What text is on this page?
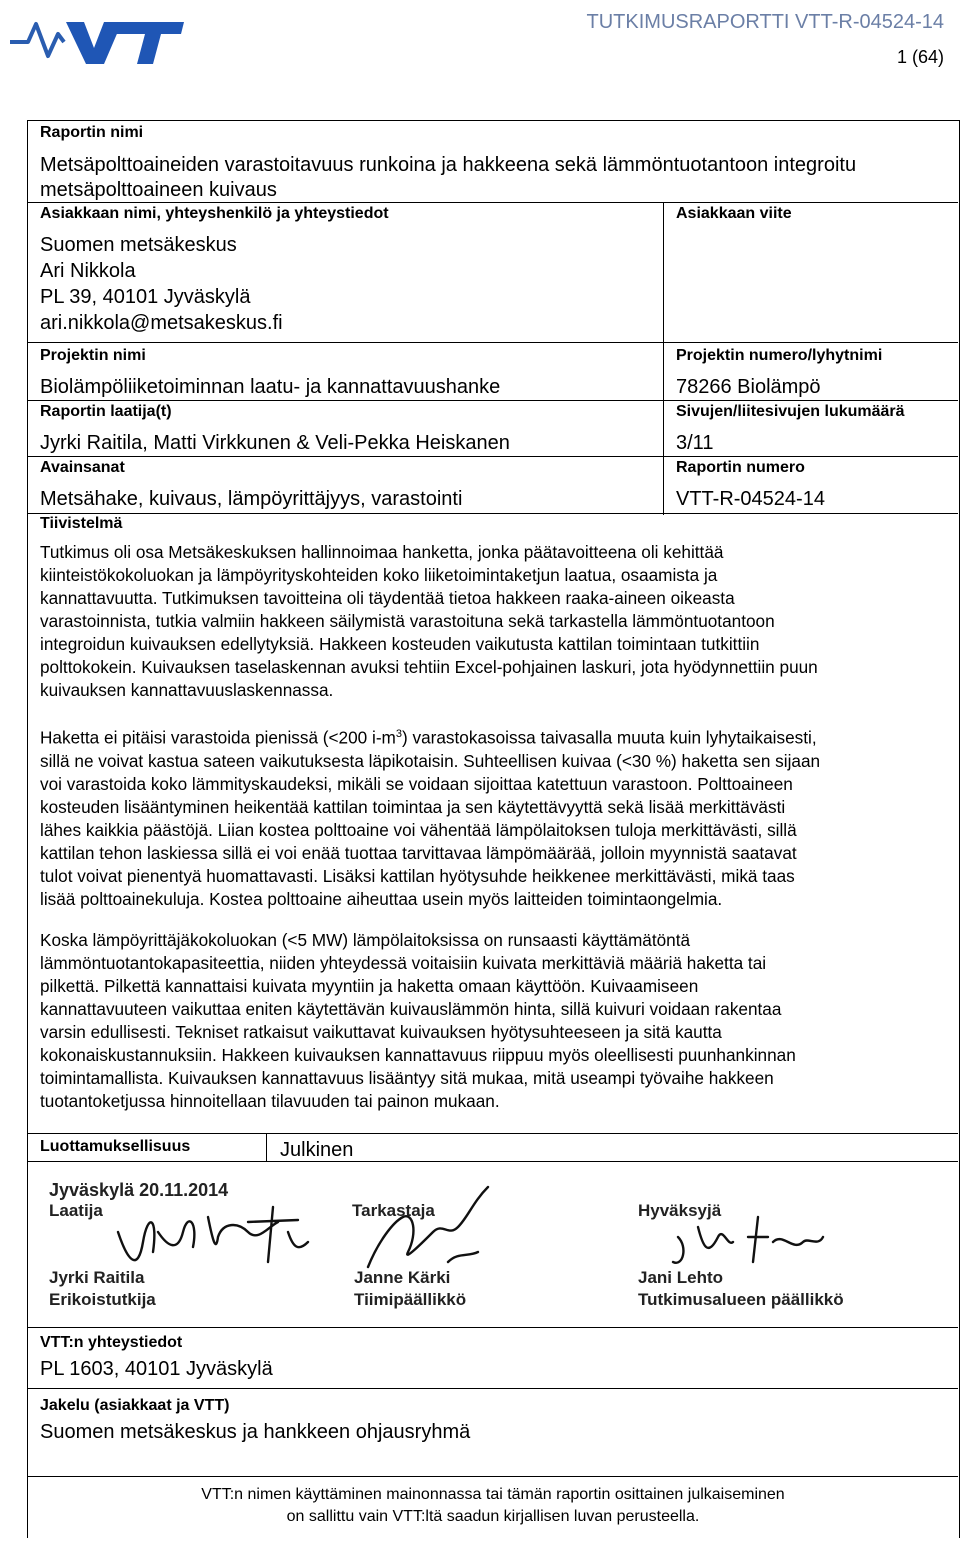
TUTKIMUSRAPORTTI VTT-R-04524-14
1 (64)
Raportin nimi
Metsäpolttoaineiden varastoitavuus runkoina ja hakkeena sekä lämmöntuotantoon integroitu
metsäpolttoaineen kuivaus
Asiakkaan nimi, yhteyshenkilö ja yhteystiedot
Suomen metsäkeskus
Ari Nikkola
PL 39, 40101 Jyväskylä
ari.nikkola@metsakeskus.fi
Asiakkaan viite
Projektin nimi
Biolämpöliiketoiminnan laatu- ja kannattavuushanke
Projektin numero/lyhytnimi
78266 Biolämpö
Raportin laatija(t)
Jyrki Raitila, Matti Virkkunen & Veli-Pekka Heiskanen
Sivujen/liitesivujen lukumäärä
3/11
Avainsanat
Metsähake, kuivaus, lämpöyrittäjyys, varastointi
Raportin numero
VTT-R-04524-14
Tiivistelmä
Tutkimus oli osa Metsäkeskuksen hallinnoimaa hanketta, jonka päätavoitteena oli kehittää
kiinteistökokoluokan ja lämpöyrityskohteiden koko liiketoimintaketjun laatua, osaamista ja
kannattavuutta. Tutkimuksen tavoitteina oli täydentää tietoa hakkeen raaka-aineen oikeasta
varastoinnista, tutkia valmiin hakkeen säilymistä varastoituna sekä tarkastella lämmöntuotantoon
integroidun kuivauksen edellytyksiä. Hakkeen kosteuden vaikutusta kattilan toimintaan tutkittiin
polttokokein. Kuivauksen taselaskennan avuksi tehtiin Excel-pohjainen laskuri, jota hyödynnettiin puun
kuivauksen kannattavuuslaskennassa.
Haketta ei pitäisi varastoida pienissä (<200 $i-m^3$) varastokasoissa taivasalla muuta kuin lyhytaikaisesti,
sillä ne voivat kastua sateen vaikutuksesta läpikotaisin. Suhteellisen kuivaa (<30 %) haketta sen sijaan
voi varastoida koko lämmityskaudeksi, mikäli se voidaan sijoittaa katettuun varastoon. Polttoaineen
kosteuden lisääntyminen heikentää kattilan toimintaa ja sen käytettävyyttä sekä lisää merkittävästi
lähes kaikkia päästöjä. Liian kostea polttoaine voi vähentää lämpölaitoksen tuloja merkittävästi, sillä
kattilan tehon laskiessa sillä ei voi enää tuottaa tarvittavaa lämpömäärää, jolloin myynnistä saatavat
tulot voivat pienentyä huomattavasti. Lisäksi kattilan hyötysuhde heikkenee merkittävästi, mikä taas
lisää polttoainekuluja. Kostea polttoaine aiheuttaa usein myös laitteiden toimintaongelmia.
Koska lämpöyrittäjäkokoluokan (<5 MW) lämpölaitoksissa on runsaasti käyttämätöntä
lämmöntuotantokapasiteettia, niiden yhteydessä voitaisiin kuivata merkittäviä määriä haketta tai
pilkettä. Pilkettä kannattaisi kuivata myyntiin ja haketta omaan käyttöön. Kuivaamiseen
kannattavuuteen vaikuttaa eniten käytettävän kuivauslämmön hinta, sillä kuivuri voidaan rakentaa
varsin edullisesti. Tekniset ratkaisut vaikuttavat kuivauksen hyötysuhteeseen ja sitä kautta
kokonaiskustannuksiin. Hakkeen kuivauksen kannattavuus riippuu myös oleellisesti puunhankinnan
toimintamallista. Kuivauksen kannattavuus lisääntyy sitä mukaa, mitä useampi työvaihe hakkeen
tuotantoketjussa hinnoitellaan tilavuuden tai painon mukaan.
Luottamuksellisuus	Julkinen
Jyväskylä 20.11.2014
Laatija
Jyrki Raitila
Erikoistutkija
Tarkastaja
Janne Kärki
Tiimipäällikkö
Hyväksyjä
Jani Lehto
Tutkimusalueen päällikkö
VTT:n yhteystiedot
PL 1603, 40101 Jyväskylä
Jakelu (asiakkaat ja VTT)
Suomen metsäkeskus ja hankkeen ohjausryhmä
VTT:n nimen käyttäminen mainonnassa tai tämän raportin osittainen julkaiseminen
on sallittu vain VTT:ltä saadun kirjallisen luvan perusteella.
